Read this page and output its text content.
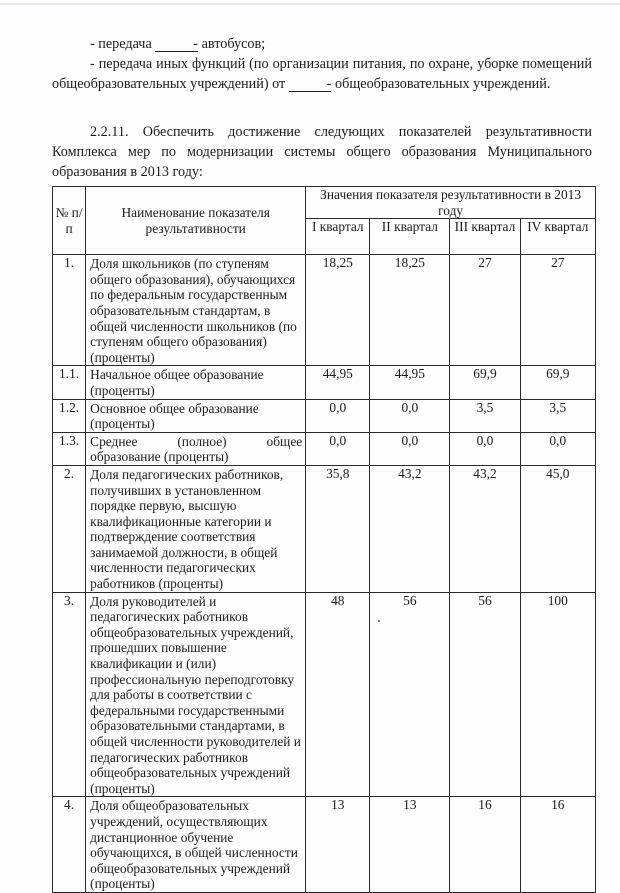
- передача	- автобусов;
- передача иных функций (по организации питания, по охране, уборке помещений общеобразовательных учреждений) от	- общеобразовательных учреждений.
2.2.11. Обеспечить достижение следующих показателей результативности Комплекса мер по модернизации системы общего образования Муниципального образования в 2013 году:
№ п/п	Наименование показателя результативности	Значения показателя результативности в 2013 году			
		I квартал	II квартал	III квартал	IV квартал
1.	Доля школьников (по ступеням общего образования), обучающихся по федеральным государственным образовательным стандартам, в общей численности школьников (по ступеням общего образования) (проценты)	18,25	18,25	27	27
1.1.	Начальное общее образование (проценты)	44,95	44,95	69,9	69,9
1.2.	Основное общее образование (проценты)	0,0	0,0	3,5	3,5
1.3.	Среднее (полное) общее образование (проценты)	0,0	0,0	0,0	0,0
2.	Доля педагогических работников, получивших в установленном порядке первую, высшую квалификационные категории и подтверждение соответствия занимаемой должности, в общей численности педагогических работников (проценты)	35,8	43,2	43,2	45,0
3.	Доля руководителей и педагогических работников общеобразовательных учреждений, прошедших повышение квалификации и (или) профессиональную переподготовку для работы в соответствии с федеральными государственными образовательными стандартами, в общей численности руководителей и педагогических работников общеобразовательных учреждений (проценты)	48	56	56	100
4.	Доля общеобразовательных учреждений, осуществляющих дистанционное обучение обучающихся, в общей численности общеобразовательных учреждений (проценты)	13	13	16	16
